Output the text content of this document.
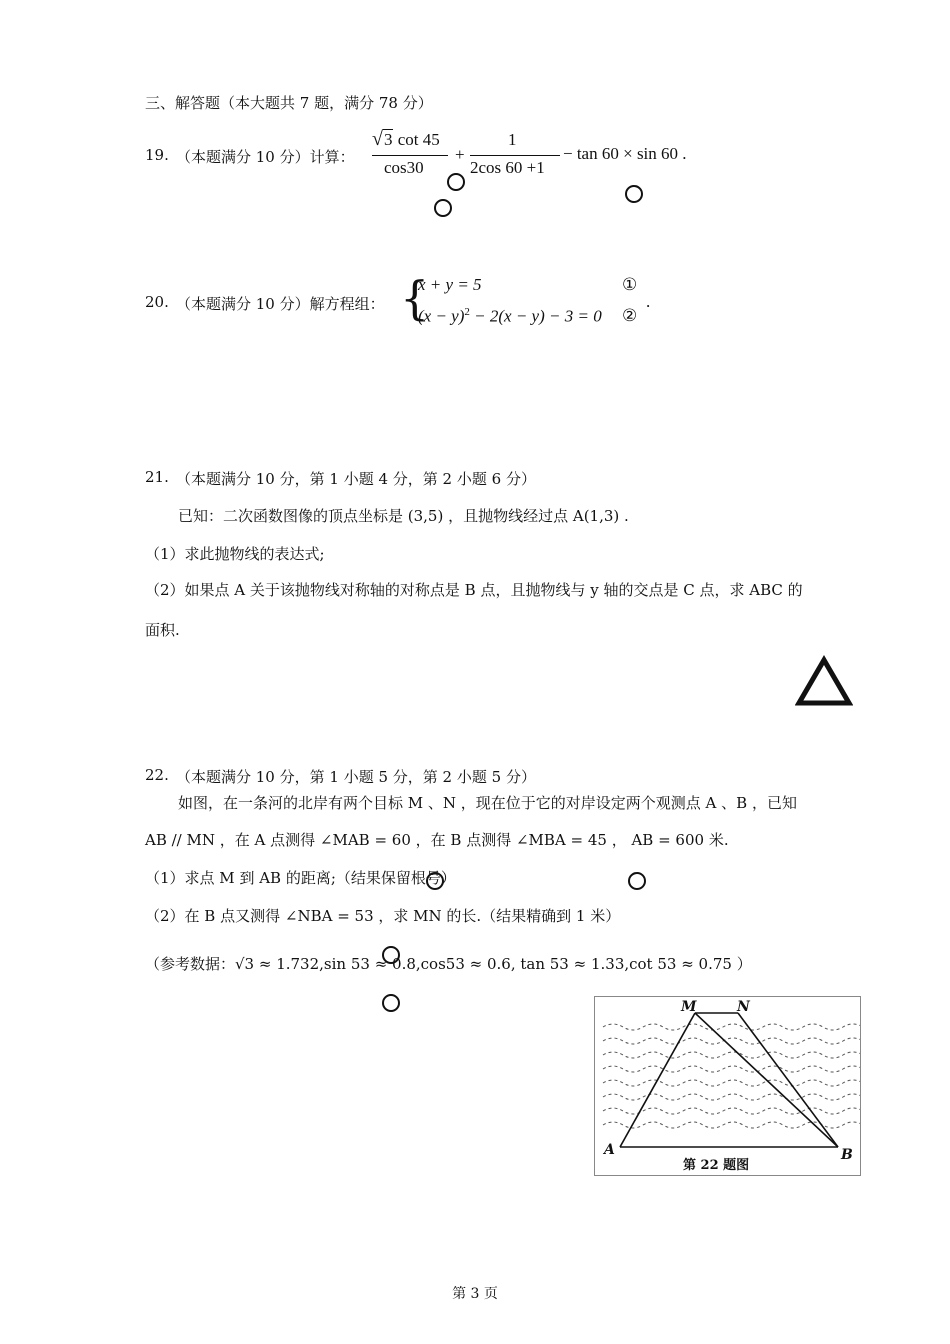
三、解答题（本大题共 7 题，满分 78 分）
19. （本题满分 10 分）计算：
√3 cot 45
cos30
+
1
2cos 60 +1
− tan 60 × sin 60 .
20. （本题满分 10 分）解方程组： {
x + y = 5	①
$(x - y)^2 - 2(x - y) - 3 = 0$ ②
.
21. （本题满分 10 分，第 1 小题 4 分，第 2 小题 6 分）
已知：二次函数图像的顶点坐标是 (3,5) ，且抛物线经过点 A(1,3) .
（1）求此抛物线的表达式;
（2）如果点 A 关于该抛物线对称轴的对称点是 B 点，且抛物线与 y 轴的交点是 C 点，求 ABC 的
面积.
22. （本题满分 10 分，第 1 小题 5 分，第 2 小题 5 分）
如图，在一条河的北岸有两个目标 M 、N ，现在位于它的对岸设定两个观测点 A 、B ，已知
AB // MN ，在 A 点测得 ∠MAB = 60 ，在 B 点测得 ∠MBA = 45 ， AB = 600 米.
（1）求点 M 到 AB 的距离;（结果保留根号）
（2）在 B 点又测得 ∠NBA = 53 ，求 MN 的长.（结果精确到 1 米）
（参考数据：√3 ≈ 1.732,sin 53 ≈ 0.8,cos53 ≈ 0.6, tan 53 ≈ 1.33,cot 53 ≈ 0.75 ）
M	N
A	B
第 22 题图
第 3 页
